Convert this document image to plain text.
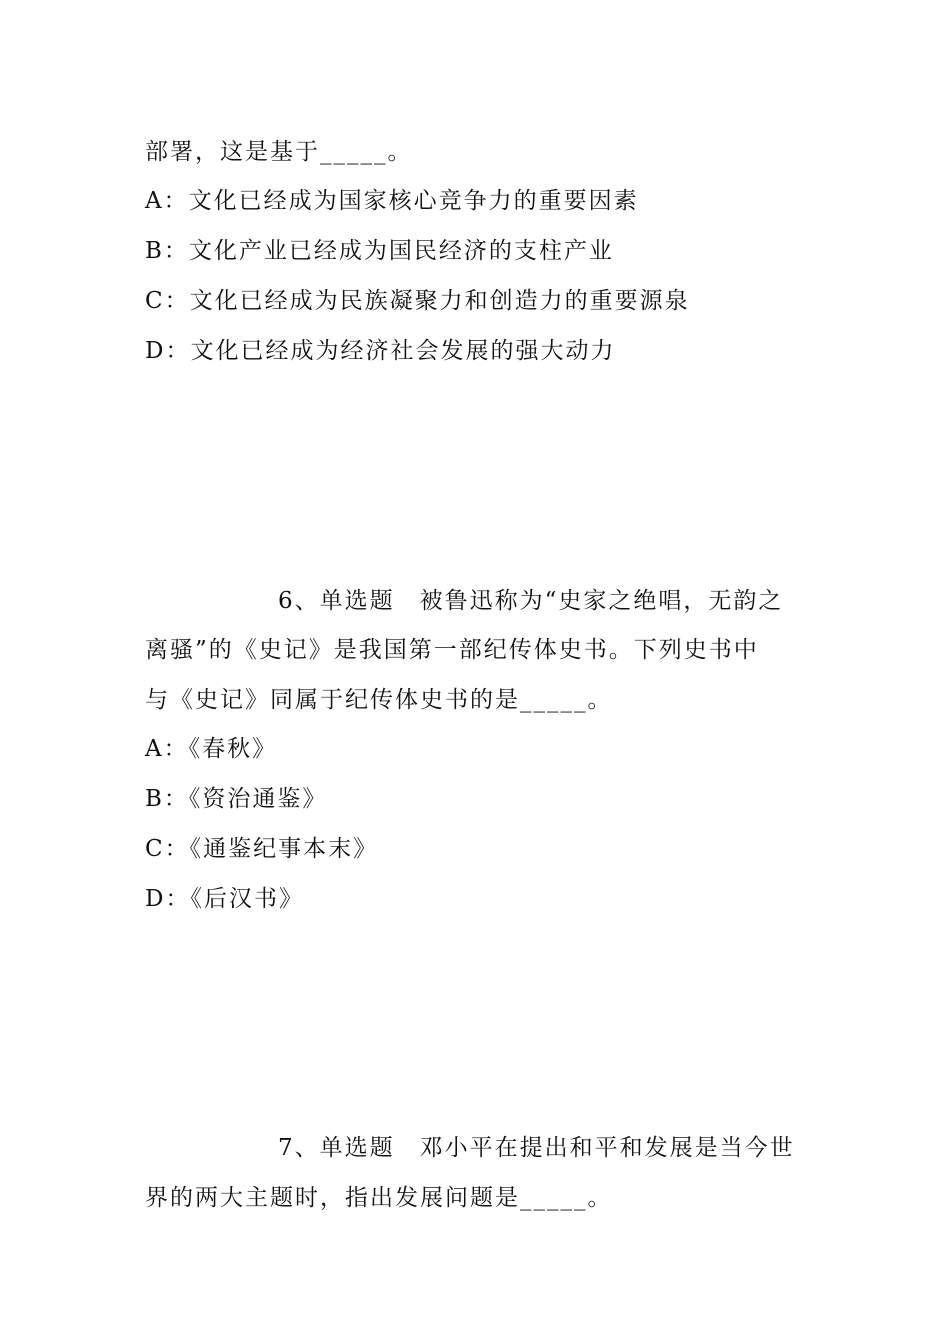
部署，这是基于_____。
A：文化已经成为国家核心竞争力的重要因素
B：文化产业已经成为国民经济的支柱产业
C：文化已经成为民族凝聚力和创造力的重要源泉
D：文化已经成为经济社会发展的强大动力
6、单选题　被鲁迅称为“史家之绝唱，无韵之
离骚”的《史记》是我国第一部纪传体史书。下列史书中
与《史记》同属于纪传体史书的是_____。
A：《春秋》
B：《资治通鉴》
C：《通鉴纪事本末》
D：《后汉书》
7、单选题　邓小平在提出和平和发展是当今世
界的两大主题时，指出发展问题是_____。
